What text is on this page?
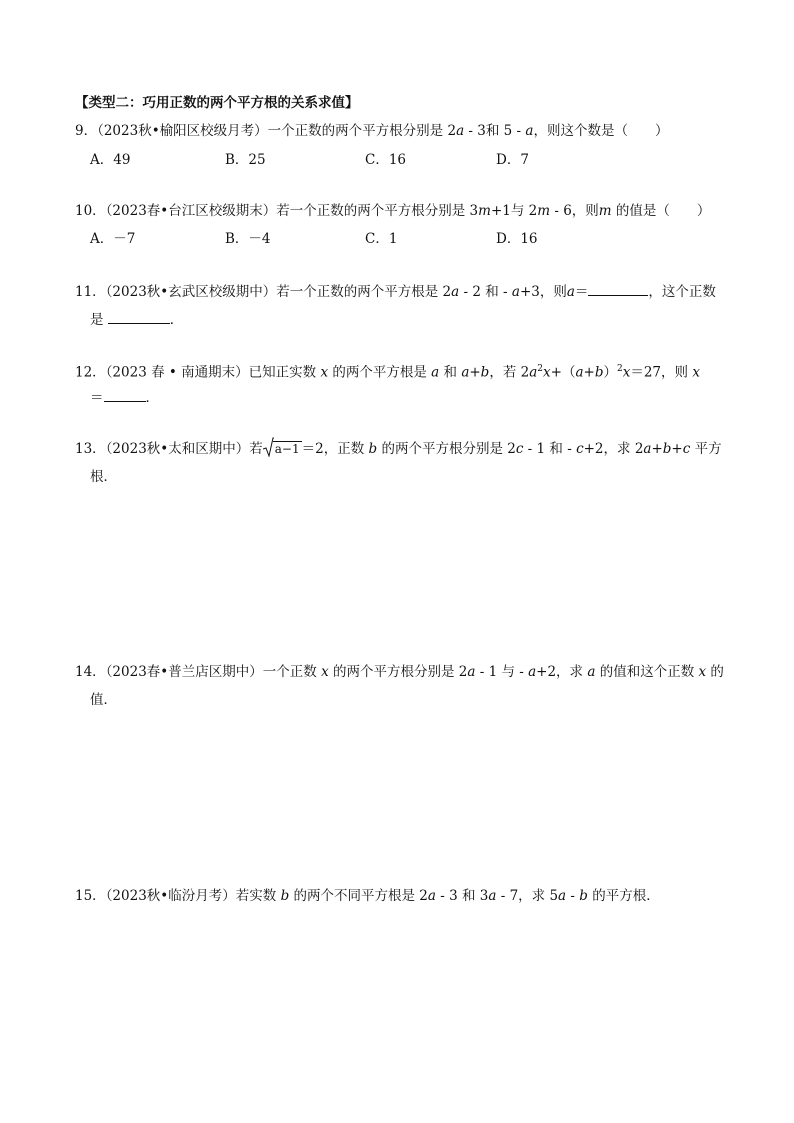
【类型二：巧用正数的两个平方根的关系求值】
9．（2023秋•榆阳区校级月考）一个正数的两个平方根分别是 2a - 3和 5 - a，则这个数是（　　）
A．49	B．25	C．16	D．7
10．（2023春•台江区校级期末）若一个正数的两个平方根分别是 3m+1与 2m - 6，则m 的值是（　　）
A．－7	B．－4	C．1	D．16
11．（2023秋•玄武区校级期中）若一个正数的两个平方根是 2a - 2 和 - a+3，则a＝	，这个正数
是	．
12．（2023 春 • 南通期末）已知正实数 x 的两个平方根是 a 和 a+b，若 $2a^2x+(a+b)^2x=27$，则 x
＝	．
13．（2023秋•太和区期中）若 a−1 ＝2，正数 b 的两个平方根分别是 2c - 1 和 - c+2，求 2a+b+c 平方
根．
14．（2023春•普兰店区期中）一个正数 x 的两个平方根分别是 2a - 1 与 - a+2，求 a 的值和这个正数 x 的
值．
15．（2023秋•临汾月考）若实数 b 的两个不同平方根是 2a - 3 和 3a - 7，求 5a - b 的平方根．
